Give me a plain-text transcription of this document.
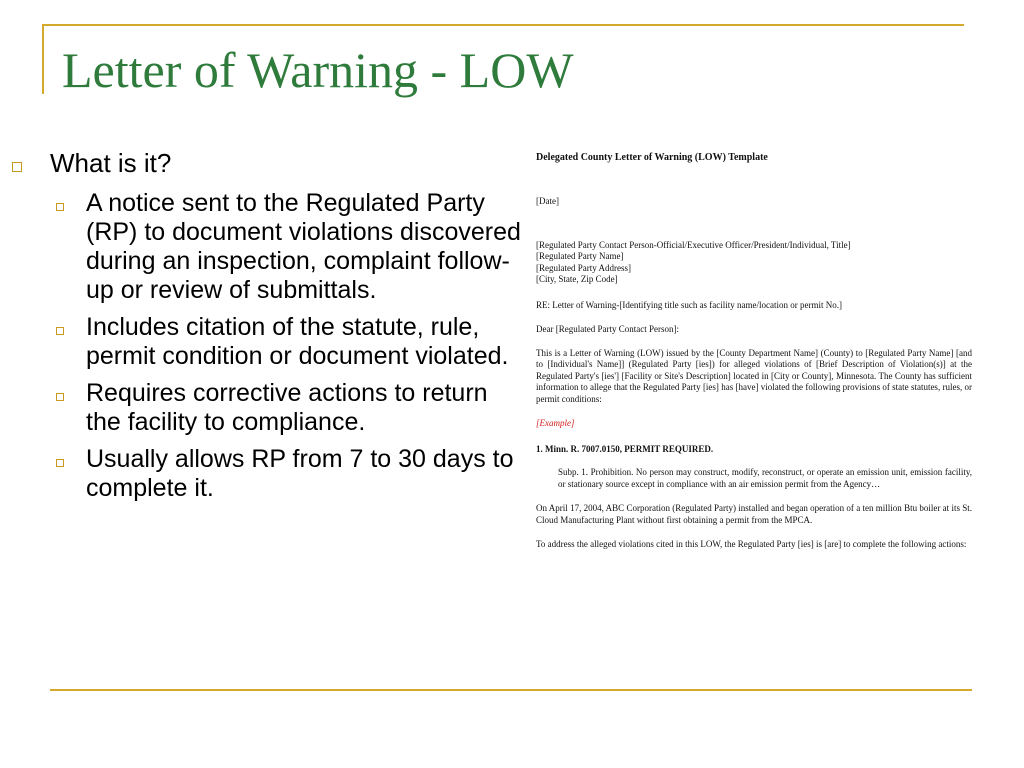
Letter of Warning - LOW
What is it?
A notice sent to the Regulated Party (RP) to document violations discovered during an inspection, complaint follow-up or review of submittals.
Includes citation of the statute, rule, permit condition or document violated.
Requires corrective actions to return the facility to compliance.
Usually allows RP from 7 to 30 days to complete it.

Delegated County Letter of Warning (LOW) Template

[Date]

[Regulated Party Contact Person-Official/Executive Officer/President/Individual, Title]

[Regulated Party Name]

[Regulated Party Address]

[City, State, Zip Code]

RE: Letter of Warning-[Identifying title such as facility name/location or permit No.]

Dear [Regulated Party Contact Person]:

This is a Letter of Warning (LOW) issued by the [County Department Name] (County) to [Regulated Party Name] [and to [Individual's Name]] (Regulated Party [ies]) for alleged violations of [Brief Description of Violation(s)] at the Regulated Party's [ies'] [Facility or Site's Description] located in [City or County], Minnesota. The County has sufficient information to allege that the Regulated Party [ies] has [have] violated the following provisions of state statutes, rules, or permit conditions:

[Example]

1. Minn. R. 7007.0150, PERMIT REQUIRED.

Subp. 1. Prohibition. No person may construct, modify, reconstruct, or operate an emission unit, emission facility, or stationary source except in compliance with an air emission permit from the Agency…

On April 17, 2004, ABC Corporation (Regulated Party) installed and began operation of a ten million Btu boiler at its St. Cloud Manufacturing Plant without first obtaining a permit from the MPCA.

To address the alleged violations cited in this LOW, the Regulated Party [ies] is [are] to complete the following actions:
